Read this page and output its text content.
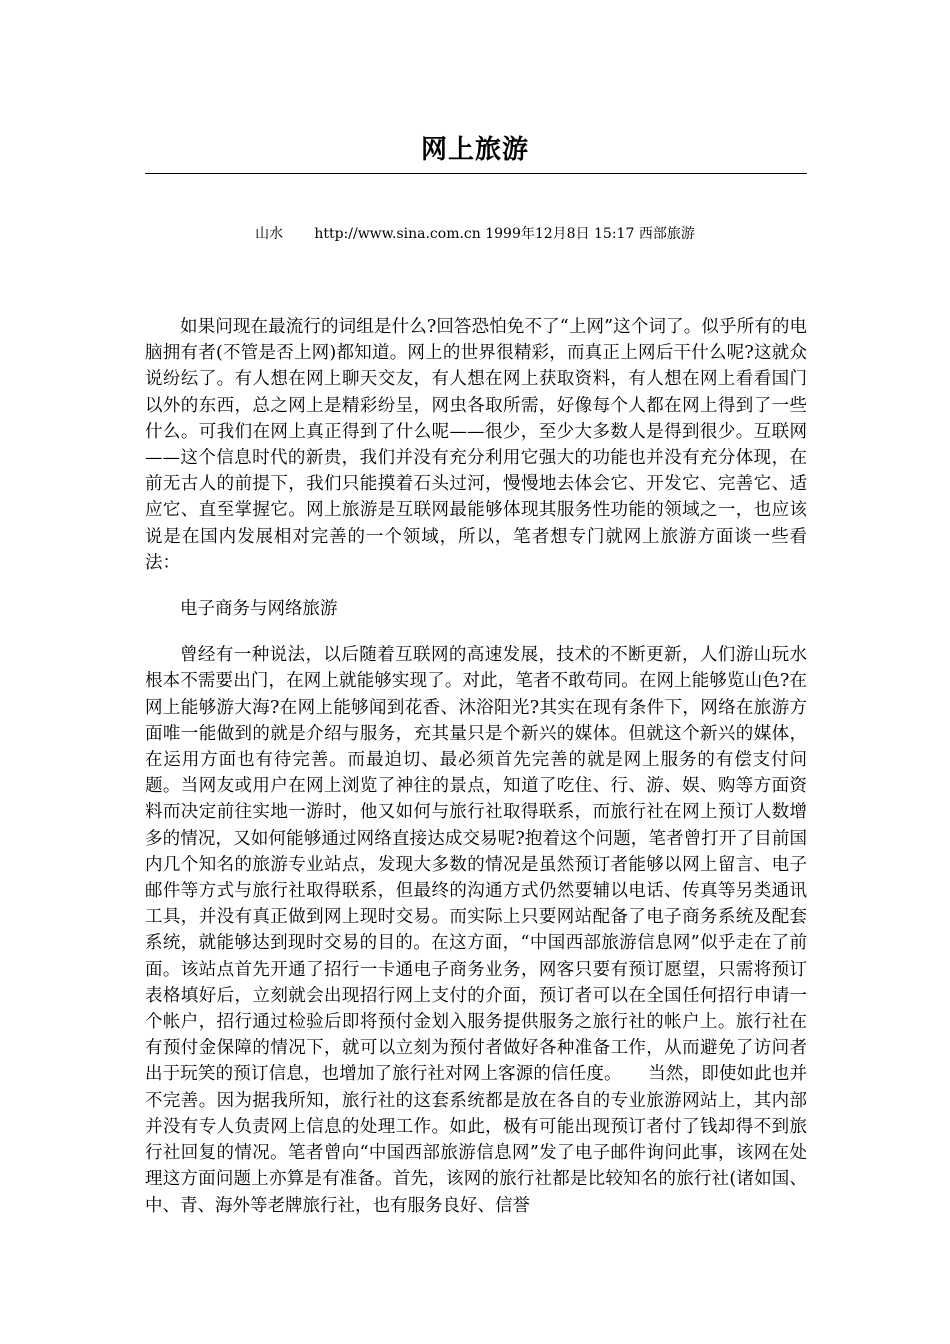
网上旅游
山水       http://www.sina.com.cn 1999年12月8日 15:17 西部旅游

如果问现在最流行的词组是什么?回答恐怕免不了“上网”这个词了。似乎所有的电脑拥有者(不管是否上网)都知道。网上的世界很精彩，而真正上网后干什么呢?这就众说纷纭了。有人想在网上聊天交友，有人想在网上获取资料，有人想在网上看看国门以外的东西，总之网上是精彩纷呈，网虫各取所需，好像每个人都在网上得到了一些什么。可我们在网上真正得到了什么呢——很少，至少大多数人是得到很少。互联网——这个信息时代的新贵，我们并没有充分利用它强大的功能也并没有充分体现，在前无古人的前提下，我们只能摸着石头过河，慢慢地去体会它、开发它、完善它、适应它、直至掌握它。网上旅游是互联网最能够体现其服务性功能的领域之一，也应该说是在国内发展相对完善的一个领域，所以，笔者想专门就网上旅游方面谈一些看法：

电子商务与网络旅游

曾经有一种说法，以后随着互联网的高速发展，技术的不断更新，人们游山玩水根本不需要出门，在网上就能够实现了。对此，笔者不敢苟同。在网上能够览山色?在网上能够游大海?在网上能够闻到花香、沐浴阳光?其实在现有条件下，网络在旅游方面唯一能做到的就是介绍与服务，充其量只是个新兴的媒体。但就这个新兴的媒体，在运用方面也有待完善。而最迫切、最必须首先完善的就是网上服务的有偿支付问题。当网友或用户在网上浏览了神往的景点，知道了吃住、行、游、娱、购等方面资料而决定前往实地一游时，他又如何与旅行社取得联系，而旅行社在网上预订人数增多的情况，又如何能够通过网络直接达成交易呢?抱着这个问题，笔者曾打开了目前国内几个知名的旅游专业站点，发现大多数的情况是虽然预订者能够以网上留言、电子邮件等方式与旅行社取得联系，但最终的沟通方式仍然要辅以电话、传真等另类通讯工具，并没有真正做到网上现时交易。而实际上只要网站配备了电子商务系统及配套系统，就能够达到现时交易的目的。在这方面，“中国西部旅游信息网”似乎走在了前面。该站点首先开通了招行一卡通电子商务业务，网客只要有预订愿望，只需将预订表格填好后，立刻就会出现招行网上支付的介面，预订者可以在全国任何招行申请一个帐户，招行通过检验后即将预付金划入服务提供服务之旅行社的帐户上。旅行社在有预付金保障的情况下，就可以立刻为预付者做好各种准备工作，从而避免了访问者出于玩笑的预订信息，也增加了旅行社对网上客源的信任度。　　当然，即使如此也并不完善。因为据我所知，旅行社的这套系统都是放在各自的专业旅游网站上，其内部并没有专人负责网上信息的处理工作。如此，极有可能出现预订者付了钱却得不到旅行社回复的情况。笔者曾向“中国西部旅游信息网”发了电子邮件询问此事，该网在处理这方面问题上亦算是有准备。首先，该网的旅行社都是比较知名的旅行社(诸如国、中、青、海外等老牌旅行社，也有服务良好、信誉
